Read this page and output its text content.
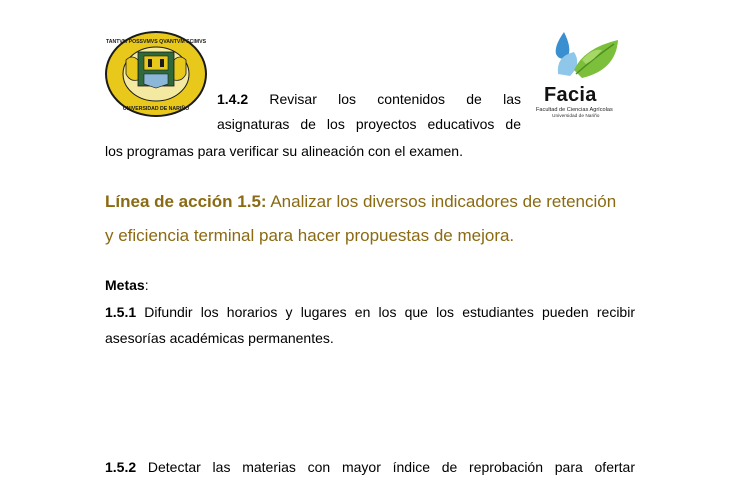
TANTVM POSSVMVS QVANTVM SCIMVS
UNIVERSIDAD DE NARIÑO
Facia
Facultad de Ciencias Agrícolas
Universidad de Nariño
1.4.2 Revisar los contenidos de las
asignaturas de los proyectos educativos de
los programas para verificar su alineación con el examen.
Línea de acción 1.5: Analizar los diversos indicadores de retención
y eficiencia terminal para hacer propuestas de mejora.
Metas:
1.5.1 Difundir los horarios y lugares en los que los estudiantes pueden recibir
asesorías académicas permanentes.
1.5.2 Detectar las materias con mayor índice de reprobación para ofertar
